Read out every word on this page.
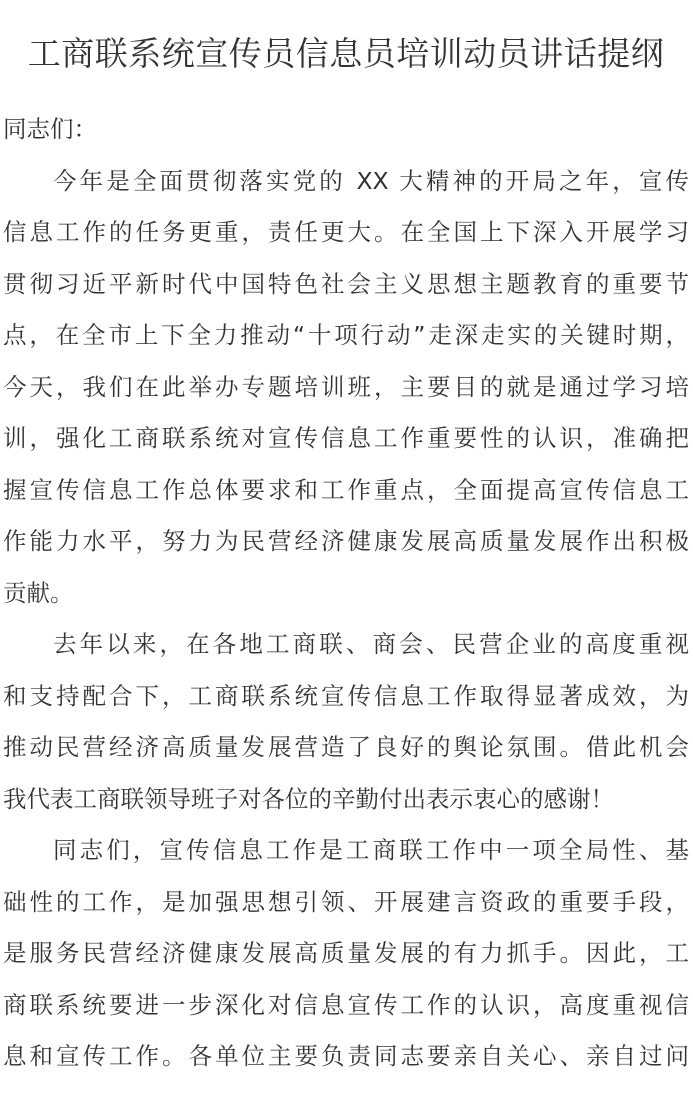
工商联系统宣传员信息员培训动员讲话提纲
同志们：
今年是全面贯彻落实党的 XX 大精神的开局之年，宣传
信息工作的任务更重，责任更大。在全国上下深入开展学习
贯彻习近平新时代中国特色社会主义思想主题教育的重要节
点，在全市上下全力推动“十项行动”走深走实的关键时期，
今天，我们在此举办专题培训班，主要目的就是通过学习培
训，强化工商联系统对宣传信息工作重要性的认识，准确把
握宣传信息工作总体要求和工作重点，全面提高宣传信息工
作能力水平，努力为民营经济健康发展高质量发展作出积极
贡献。
去年以来，在各地工商联、商会、民营企业的高度重视
和支持配合下，工商联系统宣传信息工作取得显著成效，为
推动民营经济高质量发展营造了良好的舆论氛围。借此机会
我代表工商联领导班子对各位的辛勤付出表示衷心的感谢！
同志们，宣传信息工作是工商联工作中一项全局性、基
础性的工作，是加强思想引领、开展建言资政的重要手段，
是服务民营经济健康发展高质量发展的有力抓手。因此，工
商联系统要进一步深化对信息宣传工作的认识，高度重视信
息和宣传工作。各单位主要负责同志要亲自关心、亲自过问
